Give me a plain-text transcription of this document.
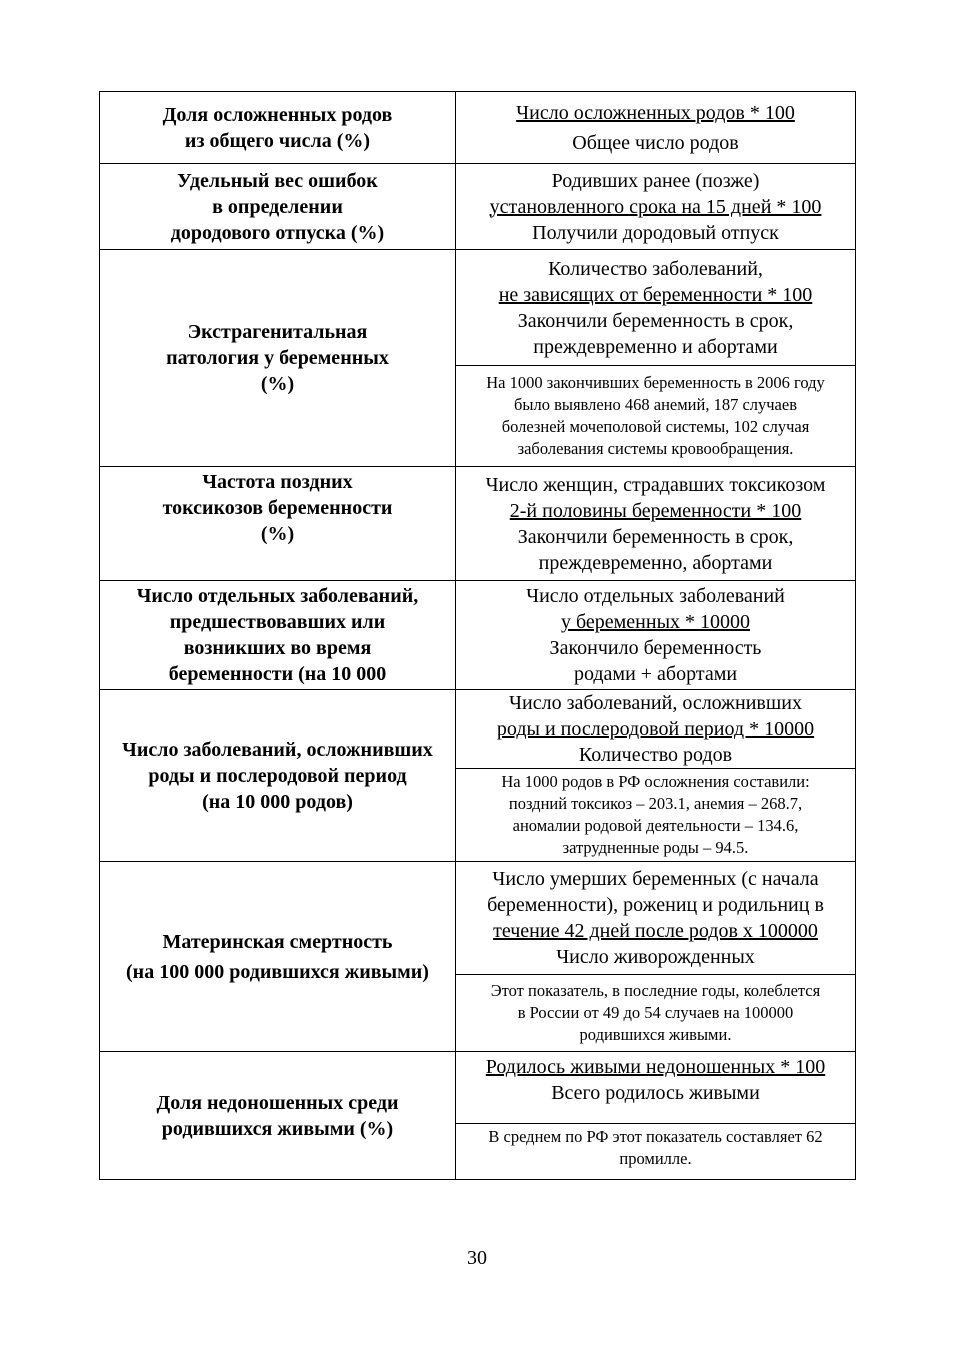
Доля осложненных родов
из общего числа (%)	Число осложненных родов * 100
Общее число родов

Удельный вес ошибок
в определении
дородового отпуска (%)	Родивших ранее (позже)
установленного срока на 15 дней * 100
Получили дородовый отпуск

Экстрагенитальная
патология у беременных
(%)	Количество заболеваний,
не зависящих от беременности * 100
Закончили беременность в срок,
преждевременно и абортами

	На 1000 закончивших беременность в 2006 году
было выявлено 468 анемий, 187 случаев
болезней мочеполовой системы, 102 случая
заболевания системы кровообращения.

Частота поздних
токсикозов беременности
(%)	Число женщин, страдавших токсикозом
2-й половины беременности * 100
Закончили беременность в срок,
преждевременно, абортами

Число отдельных заболеваний,
предшествовавших или
возникших во время
беременности (на 10 000	Число отдельных заболеваний
у беременных * 10000
Закончило беременность
родами + абортами

Число заболеваний, осложнивших
роды и послеродовой период
(на 10 000 родов)	Число заболеваний, осложнивших
роды и послеродовой период * 10000
Количество родов

	На 1000 родов в РФ осложнения составили:
поздний токсикоз – 203.1, анемия – 268.7,
аномалии родовой деятельности – 134.6,
затрудненные роды – 94.5.

Материнская смертность
(на 100 000 родившихся живыми)	Число умерших беременных (с начала
беременности), рожениц и родильниц в
течение 42 дней после родов х 100000
Число живорожденных

	Этот показатель, в последние годы, колеблется
в России от 49 до 54 случаев на 100000
родившихся живыми.

Доля недоношенных среди
родившихся живыми (%)	Родилось живыми недоношенных * 100
Всего родилось живыми

	В среднем по РФ этот показатель составляет 62
промилле.
30
